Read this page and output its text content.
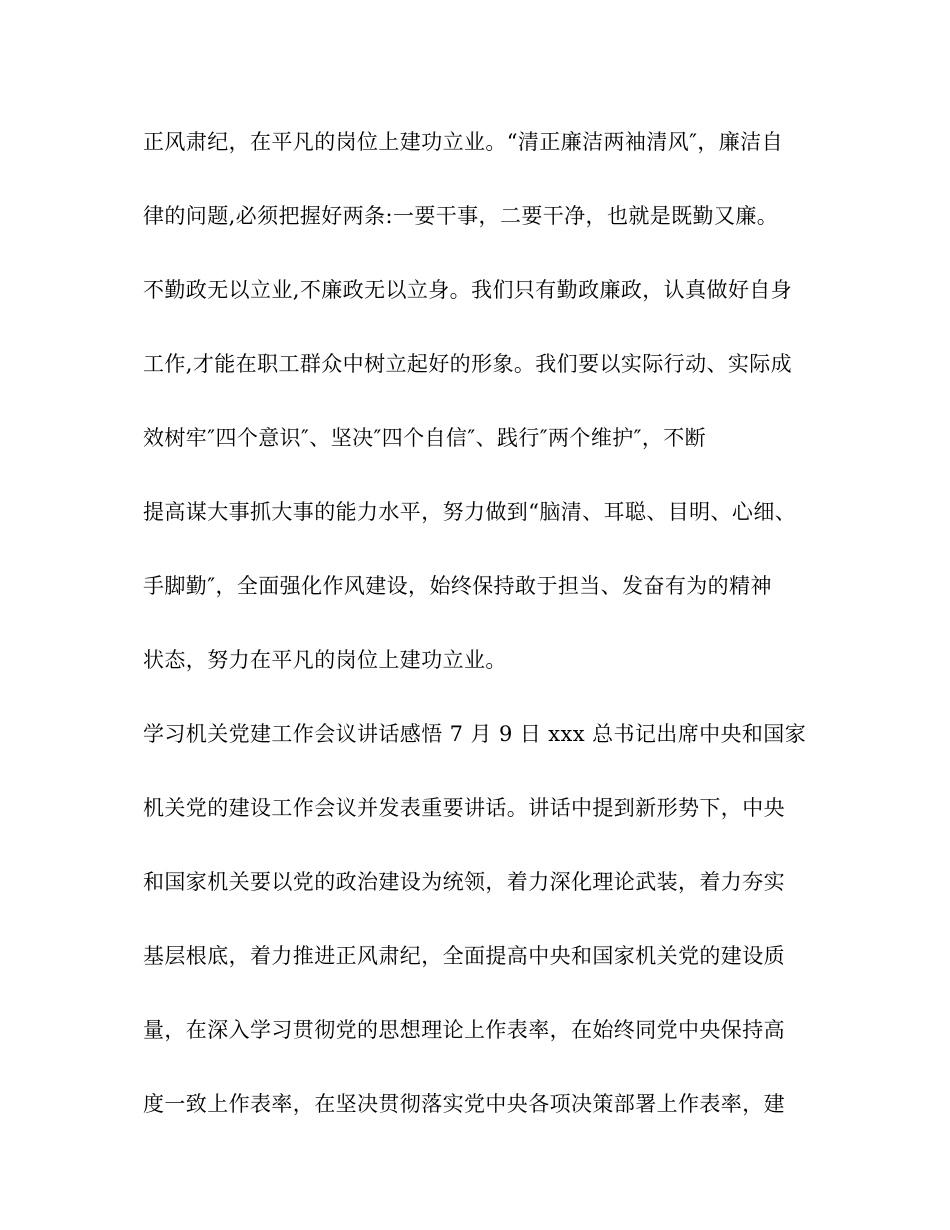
正风肃纪，在平凡的岗位上建功立业。“清正廉洁两袖清风″，廉洁自
律的问题,必须把握好两条:一要干事，二要干净，也就是既勤又廉。
不勤政无以立业,不廉政无以立身。我们只有勤政廉政，认真做好自身
工作,才能在职工群众中树立起好的形象。我们要以实际行动、实际成
效树牢″四个意识″、坚决″四个自信″、践行″两个维护″，不断
提高谋大事抓大事的能力水平，努力做到“脑清、耳聪、目明、心细、
手脚勤″，全面强化作风建设，始终保持敢于担当、发奋有为的精神
状态，努力在平凡的岗位上建功立业。
学习机关党建工作会议讲话感悟 7 月 9 日 xxx 总书记出席中央和国家
机关党的建设工作会议并发表重要讲话。讲话中提到新形势下，中央
和国家机关要以党的政治建设为统领，着力深化理论武装，着力夯实
基层根底，着力推进正风肃纪，全面提高中央和国家机关党的建设质
量，在深入学习贯彻党的思想理论上作表率，在始终同党中央保持高
度一致上作表率，在坚决贯彻落实党中央各项决策部署上作表率，建
